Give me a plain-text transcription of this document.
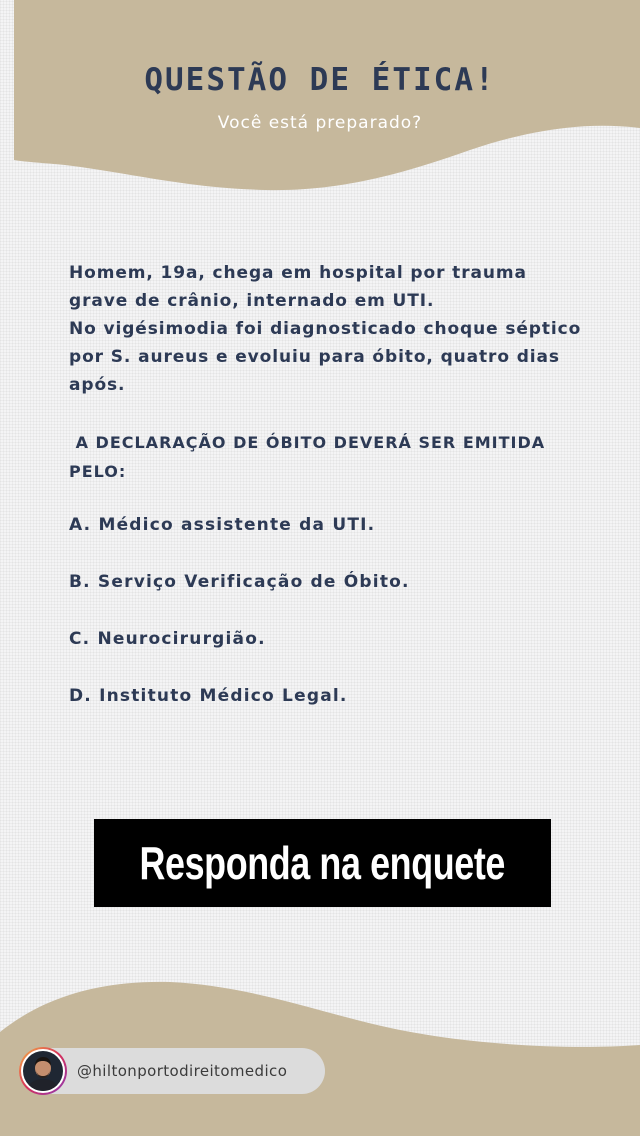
QUESTÃO DE ÉTICA!

Você está preparado?

Homem, 19a, chega em hospital por trauma grave de crânio, internado em UTI.

No vigésimodia foi diagnosticado choque séptico por S. aureus e evoluiu para óbito, quatro dias após.

A DECLARAÇÃO DE ÓBITO DEVERÁ SER EMITIDA PELO:
A. Médico assistente da UTI.
B. Serviço Verificação de Óbito.
C. Neurocirurgião.
D. Instituto Médico Legal.
Responda na enquete
@hiltonportodireitomedico
